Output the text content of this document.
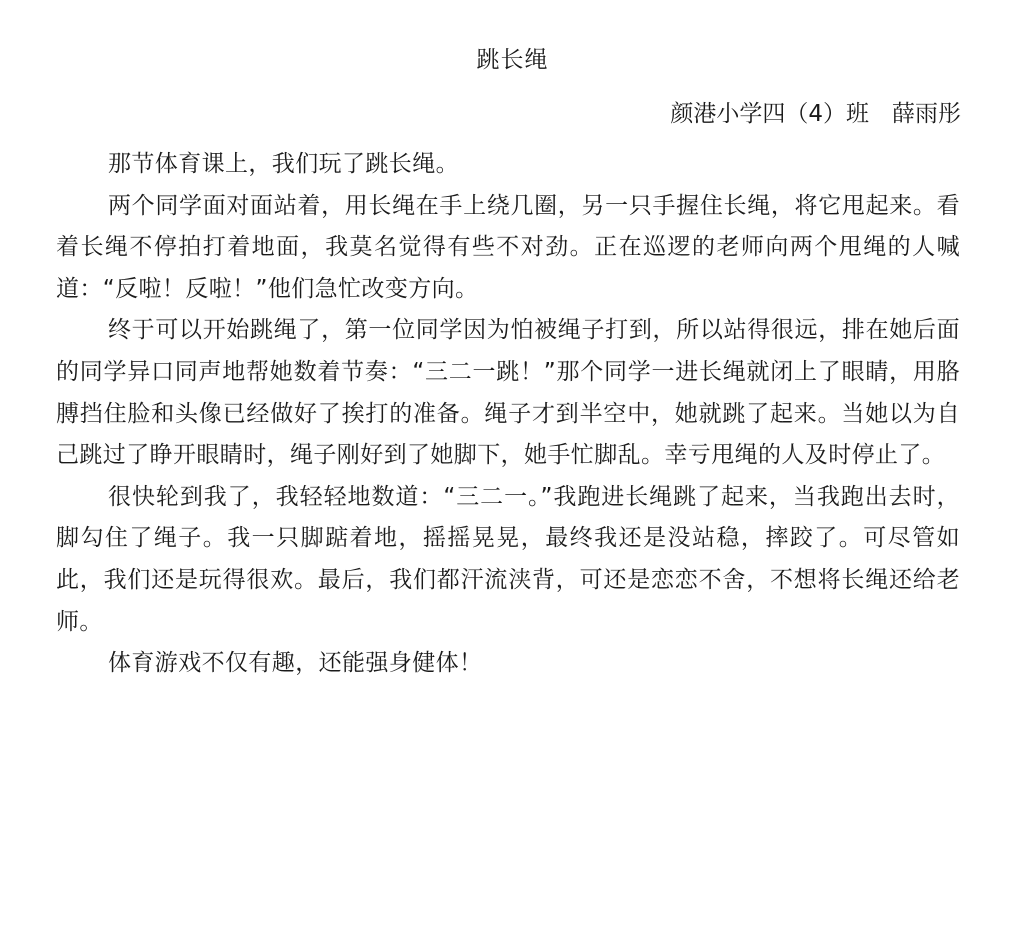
跳长绳
颜港小学四（4）班　薛雨彤

那节体育课上，我们玩了跳长绳。

两个同学面对面站着，用长绳在手上绕几圈，另一只手握住长绳，将它甩起来。看着长绳不停拍打着地面，我莫名觉得有些不对劲。正在巡逻的老师向两个甩绳的人喊道：“反啦！反啦！”他们急忙改变方向。

终于可以开始跳绳了，第一位同学因为怕被绳子打到，所以站得很远，排在她后面的同学异口同声地帮她数着节奏：“三二一跳！”那个同学一进长绳就闭上了眼睛，用胳膊挡住脸和头像已经做好了挨打的准备。绳子才到半空中，她就跳了起来。当她以为自己跳过了睁开眼睛时，绳子刚好到了她脚下，她手忙脚乱。幸亏甩绳的人及时停止了。

很快轮到我了，我轻轻地数道：“三二一。”我跑进长绳跳了起来，当我跑出去时，脚勾住了绳子。我一只脚踮着地，摇摇晃晃，最终我还是没站稳，摔跤了。可尽管如此，我们还是玩得很欢。最后，我们都汗流浃背，可还是恋恋不舍，不想将长绳还给老师。

体育游戏不仅有趣，还能强身健体！
